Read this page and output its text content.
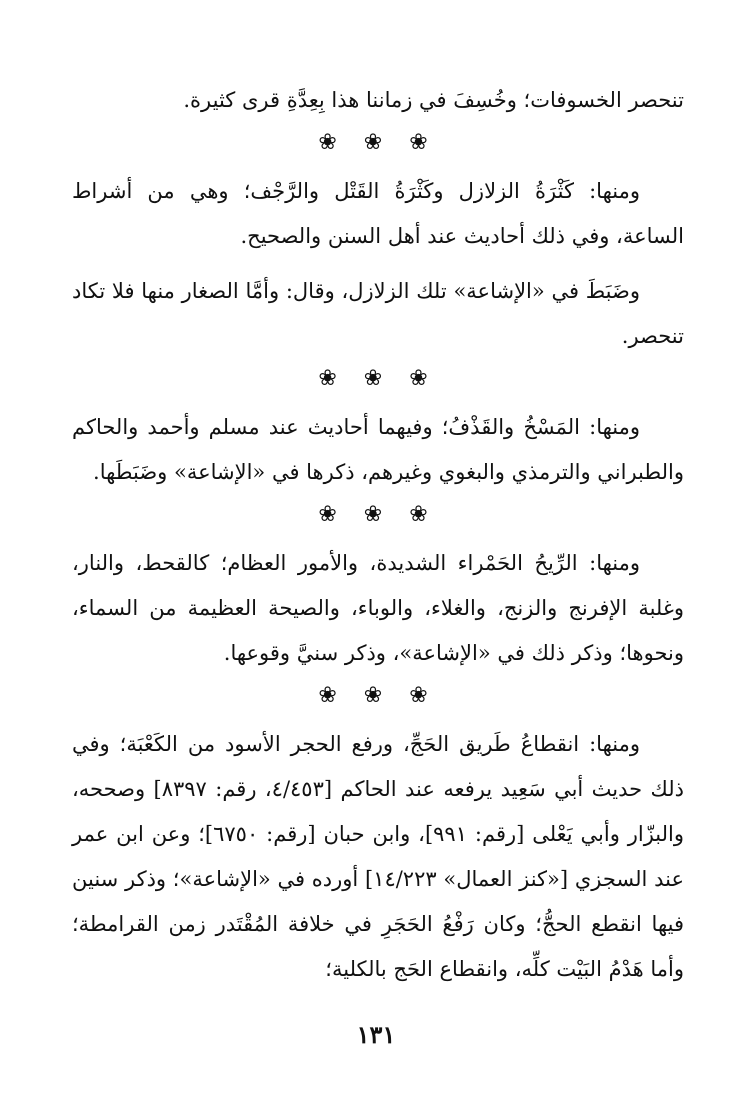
تنحصر الخسوفات؛ وخُسِفَ في زماننا هذا بِعِدَّةِ قرى كثيرة.

❀ ❀ ❀

ومنها: كَثْرَةُ الزلازل وكَثْرَةُ القَتْل والرَّجْف؛ وهي من أشراط الساعة، وفي ذلك أحاديث عند أهل السنن والصحيح.

وضَبَطَ في «الإشاعة» تلك الزلازل، وقال: وأمَّا الصغار منها فلا تكاد تنحصر.

❀ ❀ ❀

ومنها: المَسْخُ والقَذْفُ؛ وفيهما أحاديث عند مسلم وأحمد والحاكم والطبراني والترمذي والبغوي وغيرهم، ذكرها في «الإشاعة» وضَبَطَها.

❀ ❀ ❀

ومنها: الرِّيحُ الحَمْراء الشديدة، والأمور العظام؛ كالقحط، والنار، وغلبة الإفرنج والزنج، والغلاء، والوباء، والصيحة العظيمة من السماء، ونحوها؛ وذكر ذلك في «الإشاعة»، وذكر سنيَّ وقوعها.

❀ ❀ ❀

ومنها: انقطاعُ طَريق الحَجِّ، ورفع الحجر الأسود من الكَعْبَة؛ وفي ذلك حديث أبي سَعِيد يرفعه عند الحاكم [٤/٤٥٣، رقم: ٨٣٩٧] وصححه، والبزّار وأبي يَعْلى [رقم: ٩٩١]، وابن حبان [رقم: ٦٧٥٠]؛ وعن ابن عمر عند السجزي [«كنز العمال» ١٤/٢٢٣] أورده في «الإشاعة»؛ وذكر سنين فيها انقطع الحجُّ؛ وكان رَفْعُ الحَجَرِ في خلافة المُقْتَدر زمن القرامطة؛ وأما هَدْمُ البَيْت كلِّه، وانقطاع الحَج بالكلية؛

١٣١
